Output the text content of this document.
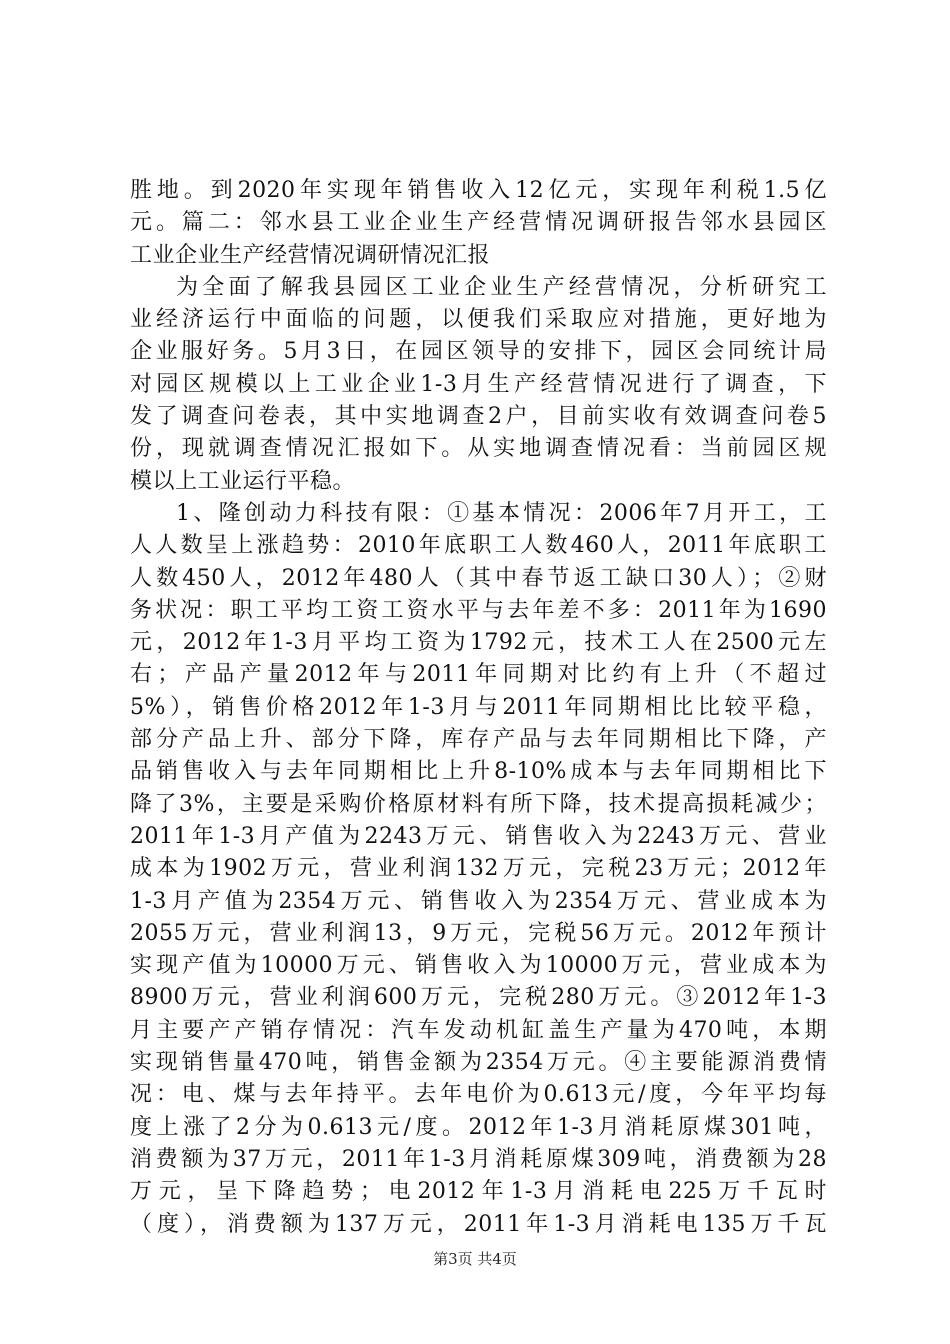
胜地。到2020年实现年销售收入12亿元，实现年利税1.5亿
元。篇二：邻水县工业企业生产经营情况调研报告邻水县园区
工业企业生产经营情况调研情况汇报
为全面了解我县园区工业企业生产经营情况，分析研究工
业经济运行中面临的问题，以便我们采取应对措施，更好地为
企业服好务。5月3日，在园区领导的安排下，园区会同统计局
对园区规模以上工业企业1-3月生产经营情况进行了调查，下
发了调查问卷表，其中实地调查2户，目前实收有效调查问卷5
份，现就调查情况汇报如下。从实地调查情况看：当前园区规
模以上工业运行平稳。
1、隆创动力科技有限：①基本情况：2006年7月开工，工
人人数呈上涨趋势：2010年底职工人数460人，2011年底职工
人数450人，2012年480人（其中春节返工缺口30人）；②财
务状况：职工平均工资工资水平与去年差不多：2011年为1690
元，2012年1-3月平均工资为1792元，技术工人在2500元左
右；产品产量2012年与2011年同期对比约有上升（不超过
5%），销售价格2012年1-3月与2011年同期相比比较平稳，
部分产品上升、部分下降，库存产品与去年同期相比下降，产
品销售收入与去年同期相比上升8-10%成本与去年同期相比下
降了3%，主要是采购价格原材料有所下降，技术提高损耗减少；
2011年1-3月产值为2243万元、销售收入为2243万元、营业
成本为1902万元，营业利润132万元，完税23万元；2012年
1-3月产值为2354万元、销售收入为2354万元、营业成本为
2055万元，营业利润13，9万元，完税56万元。2012年预计
实现产值为10000万元、销售收入为10000万元，营业成本为
8900万元，营业利润600万元，完税280万元。③2012年1-3
月主要产产销存情况：汽车发动机缸盖生产量为470吨，本期
实现销售量470吨，销售金额为2354万元。④主要能源消费情
况：电、煤与去年持平。去年电价为0.613元/度，今年平均每
度上涨了2分为0.613元/度。2012年1-3月消耗原煤301吨，
消费额为37万元，2011年1-3月消耗原煤309吨，消费额为28
万元，呈下降趋势；电2012年1-3月消耗电225万千瓦时
（度），消费额为137万元，2011年1-3月消耗电135万千瓦
第3页 共4页
